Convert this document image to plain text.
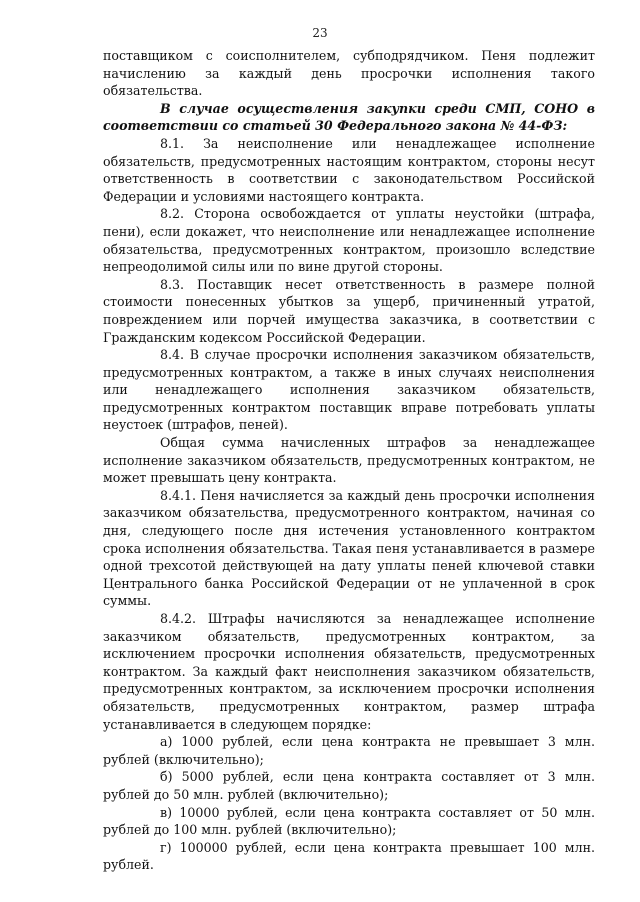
23

поставщиком с соисполнителем, субподрядчиком. Пеня подлежит начислению за каждый день просрочки исполнения такого обязательства.

В случае осуществления закупки среди СМП, СОНО в соответствии со статьей 30 Федерального закона № 44-ФЗ:

8.1. За неисполнение или ненадлежащее исполнение обязательств, предусмотренных настоящим контрактом, стороны несут ответственность в соответствии с законодательством Российской Федерации и условиями настоящего контракта.

8.2. Сторона освобождается от уплаты неустойки (штрафа, пени), если докажет, что неисполнение или ненадлежащее исполнение обязательства, предусмотренных контрактом, произошло вследствие непреодолимой силы или по вине другой стороны.

8.3. Поставщик несет ответственность в размере полной стоимости понесенных убытков за ущерб, причиненный утратой, повреждением или порчей имущества заказчика, в соответствии с Гражданским кодексом Российской Федерации.

8.4. В случае просрочки исполнения заказчиком обязательств, предусмотренных контрактом, а также в иных случаях неисполнения или ненадлежащего исполнения заказчиком обязательств, предусмотренных контрактом поставщик вправе потребовать уплаты неустоек (штрафов, пеней).

Общая сумма начисленных штрафов за ненадлежащее исполнение заказчиком обязательств, предусмотренных контрактом, не может превышать цену контракта.

8.4.1. Пеня начисляется за каждый день просрочки исполнения заказчиком обязательства, предусмотренного контрактом, начиная со дня, следующего после дня истечения установленного контрактом срока исполнения обязательства. Такая пеня устанавливается в размере одной трехсотой действующей на дату уплаты пеней ключевой ставки Центрального банка Российской Федерации от не уплаченной в срок суммы.

8.4.2. Штрафы начисляются за ненадлежащее исполнение заказчиком обязательств, предусмотренных контрактом, за исключением просрочки исполнения обязательств, предусмотренных контрактом. За каждый факт неисполнения заказчиком обязательств, предусмотренных контрактом, за исключением просрочки исполнения обязательств, предусмотренных контрактом, размер штрафа устанавливается в следующем порядке:

а) 1000 рублей, если цена контракта не превышает 3 млн. рублей (включительно);

б) 5000 рублей, если цена контракта составляет от 3 млн. рублей до 50 млн. рублей (включительно);

в) 10000 рублей, если цена контракта составляет от 50 млн. рублей до 100 млн. рублей (включительно);

г) 100000 рублей, если цена контракта превышает 100 млн. рублей.
